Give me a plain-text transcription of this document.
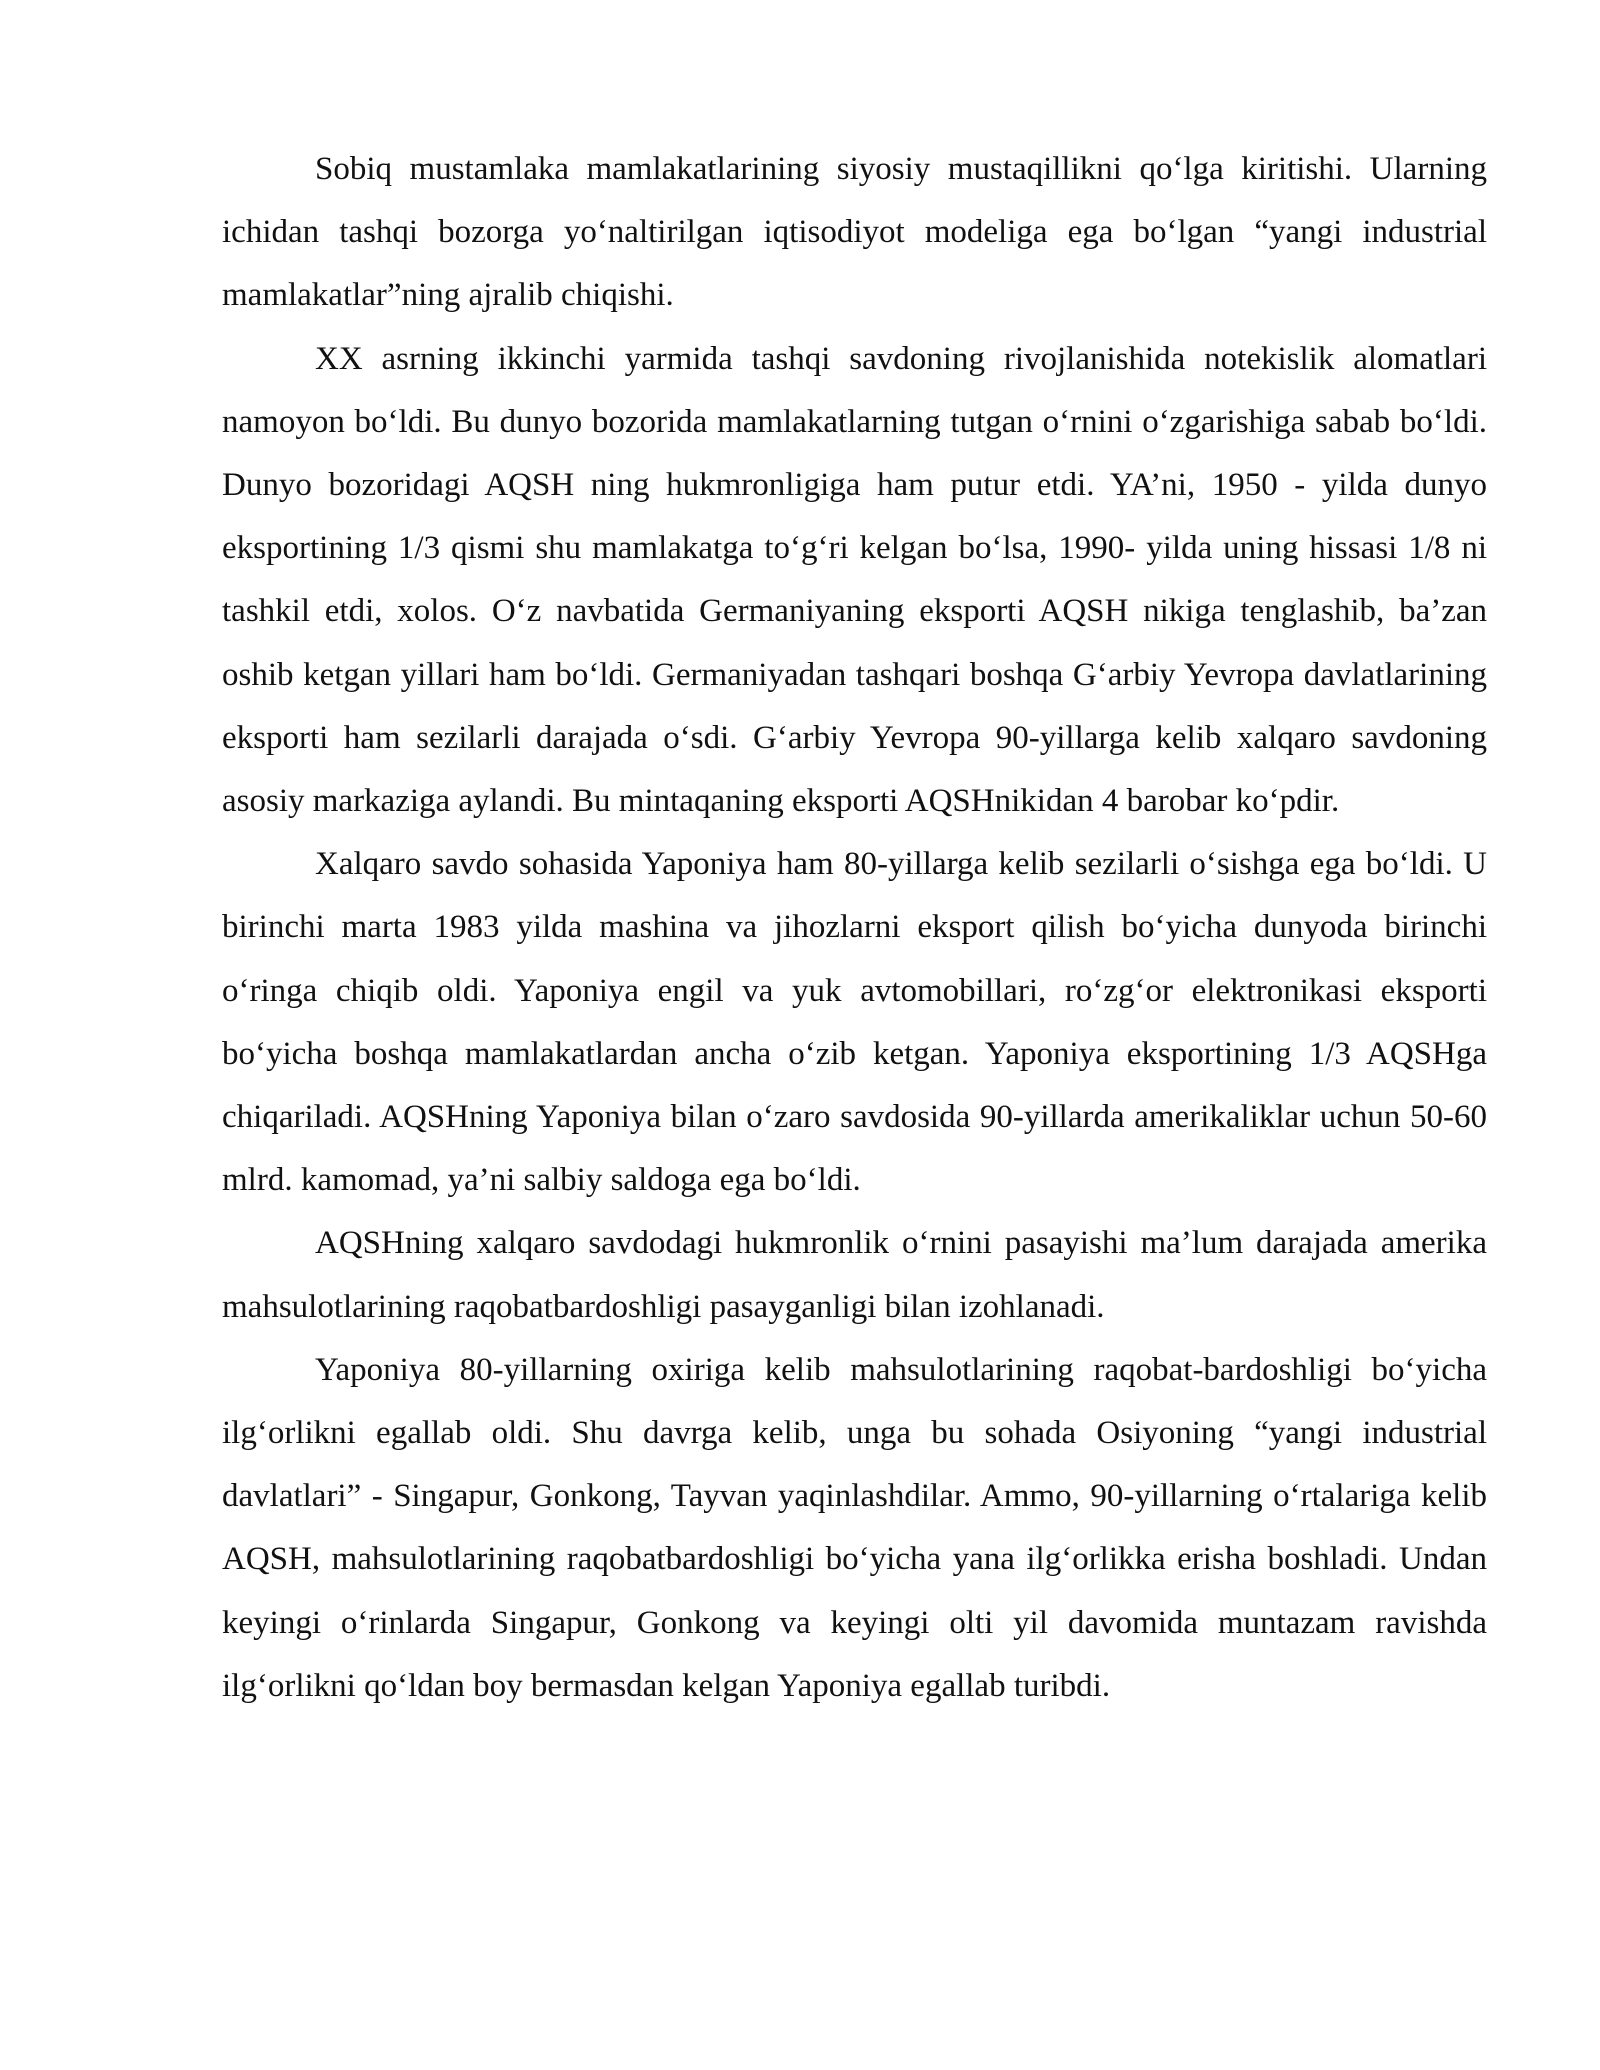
Sobiq mustamlaka mamlakatlarining siyosiy mustaqillikni qo‘lga kiritishi. Ularning ichidan tashqi bozorga yo‘naltirilgan iqtisodiyot modeliga ega bo‘lgan “yangi industrial mamlakatlar”ning ajralib chiqishi.

XX asrning ikkinchi yarmida tashqi savdoning rivojlanishida notekislik alomatlari namoyon bo‘ldi. Bu dunyo bozorida mamlakatlarning tutgan o‘rnini o‘zgarishiga sabab bo‘ldi. Dunyo bozoridagi AQSH ning hukmronligiga ham putur etdi. YA’ni, 1950 - yilda dunyo eksportining 1/3 qismi shu mamlakatga to‘g‘ri kelgan bo‘lsa, 1990- yilda uning hissasi 1/8 ni tashkil etdi, xolos. O‘z navbatida Germaniyaning eksporti AQSH nikiga tenglashib, ba’zan oshib ketgan yillari ham bo‘ldi. Germaniyadan tashqari boshqa G‘arbiy Yevropa davlatlarining eksporti ham sezilarli darajada o‘sdi. G‘arbiy Yevropa 90-yillarga kelib xalqaro savdoning asosiy markaziga aylandi. Bu mintaqaning eksporti AQSHnikidan 4 barobar ko‘pdir.

Xalqaro savdo sohasida Yaponiya ham 80-yillarga kelib sezilarli o‘sishga ega bo‘ldi. U birinchi marta 1983 yilda mashina va jihozlarni eksport qilish bo‘yicha dunyoda birinchi o‘ringa chiqib oldi. Yaponiya engil va yuk avtomobillari, ro‘zg‘or elektronikasi eksporti bo‘yicha boshqa mamlakatlardan ancha o‘zib ketgan. Yaponiya eksportining 1/3 AQSHga chiqariladi. AQSHning Yaponiya bilan o‘zaro savdosida 90-yillarda amerikaliklar uchun 50-60 mlrd. kamomad, ya’ni salbiy saldoga ega bo‘ldi.

AQSHning xalqaro savdodagi hukmronlik o‘rnini pasayishi ma’lum darajada amerika mahsulotlarining raqobatbardoshligi pasayganligi bilan izohlanadi.

Yaponiya 80-yillarning oxiriga kelib mahsulotlarining raqobat-bardoshligi bo‘yicha ilg‘orlikni egallab oldi. Shu davrga kelib, unga bu sohada Osiyoning “yangi industrial davlatlari” - Singapur, Gonkong, Tayvan yaqinlashdilar. Ammo, 90-yillarning o‘rtalariga kelib AQSH, mahsulotlarining raqobatbardoshligi bo‘yicha yana ilg‘orlikka erisha boshladi. Undan keyingi o‘rinlarda Singapur, Gonkong va keyingi olti yil davomida muntazam ravishda ilg‘orlikni qo‘ldan boy bermasdan kelgan Yaponiya egallab turibdi.
